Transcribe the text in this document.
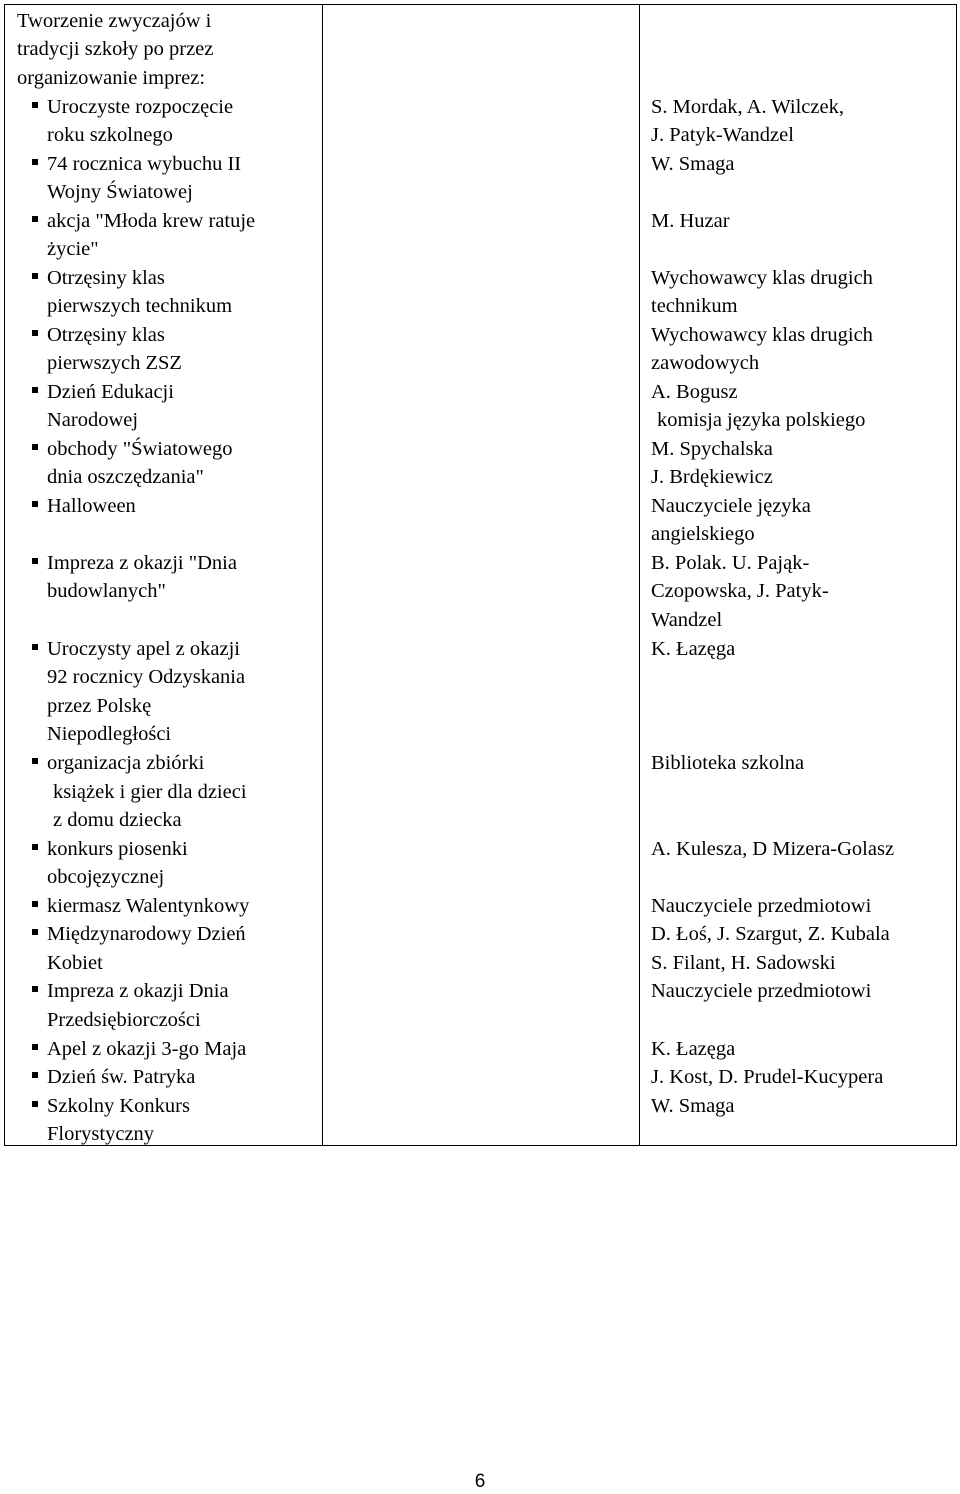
Tworzenie zwyczajów i
tradycji szkoły po przez
organizowanie imprez:
Uroczyste rozpoczęcie
roku szkolnego
74 rocznica wybuchu II
Wojny Światowej
akcja "Młoda krew ratuje
życie"
Otrzęsiny klas
pierwszych technikum
Otrzęsiny klas
pierwszych ZSZ
Dzień Edukacji
Narodowej
obchody "Światowego
dnia oszczędzania"
Halloween
Impreza z okazji "Dnia
budowlanych"
Uroczysty apel z okazji
92 rocznicy Odzyskania
przez Polskę
Niepodległości
organizacja zbiórki
książek i gier dla dzieci
z domu dziecka
konkurs piosenki
obcojęzycznej
kiermasz Walentynkowy
Międzynarodowy Dzień
Kobiet
Impreza z okazji Dnia
Przedsiębiorczości
Apel z okazji 3-go Maja
Dzień św. Patryka
Szkolny Konkurs
Florystyczny
S. Mordak, A. Wilczek,
J. Patyk-Wandzel
W. Smaga
M. Huzar
Wychowawcy klas drugich
technikum
Wychowawcy klas drugich
zawodowych
A. Bogusz
komisja języka polskiego
M. Spychalska
J. Brdękiewicz
Nauczyciele języka
angielskiego
B. Polak. U. Pająk-
Czopowska, J. Patyk-
Wandzel
K. Łazęga
Biblioteka szkolna
A. Kulesza, D Mizera-Golasz
Nauczyciele przedmiotowi
D. Łoś, J. Szargut, Z. Kubala
S. Filant, H. Sadowski
Nauczyciele przedmiotowi
K. Łazęga
J. Kost, D. Prudel-Kucypera
W. Smaga
6
